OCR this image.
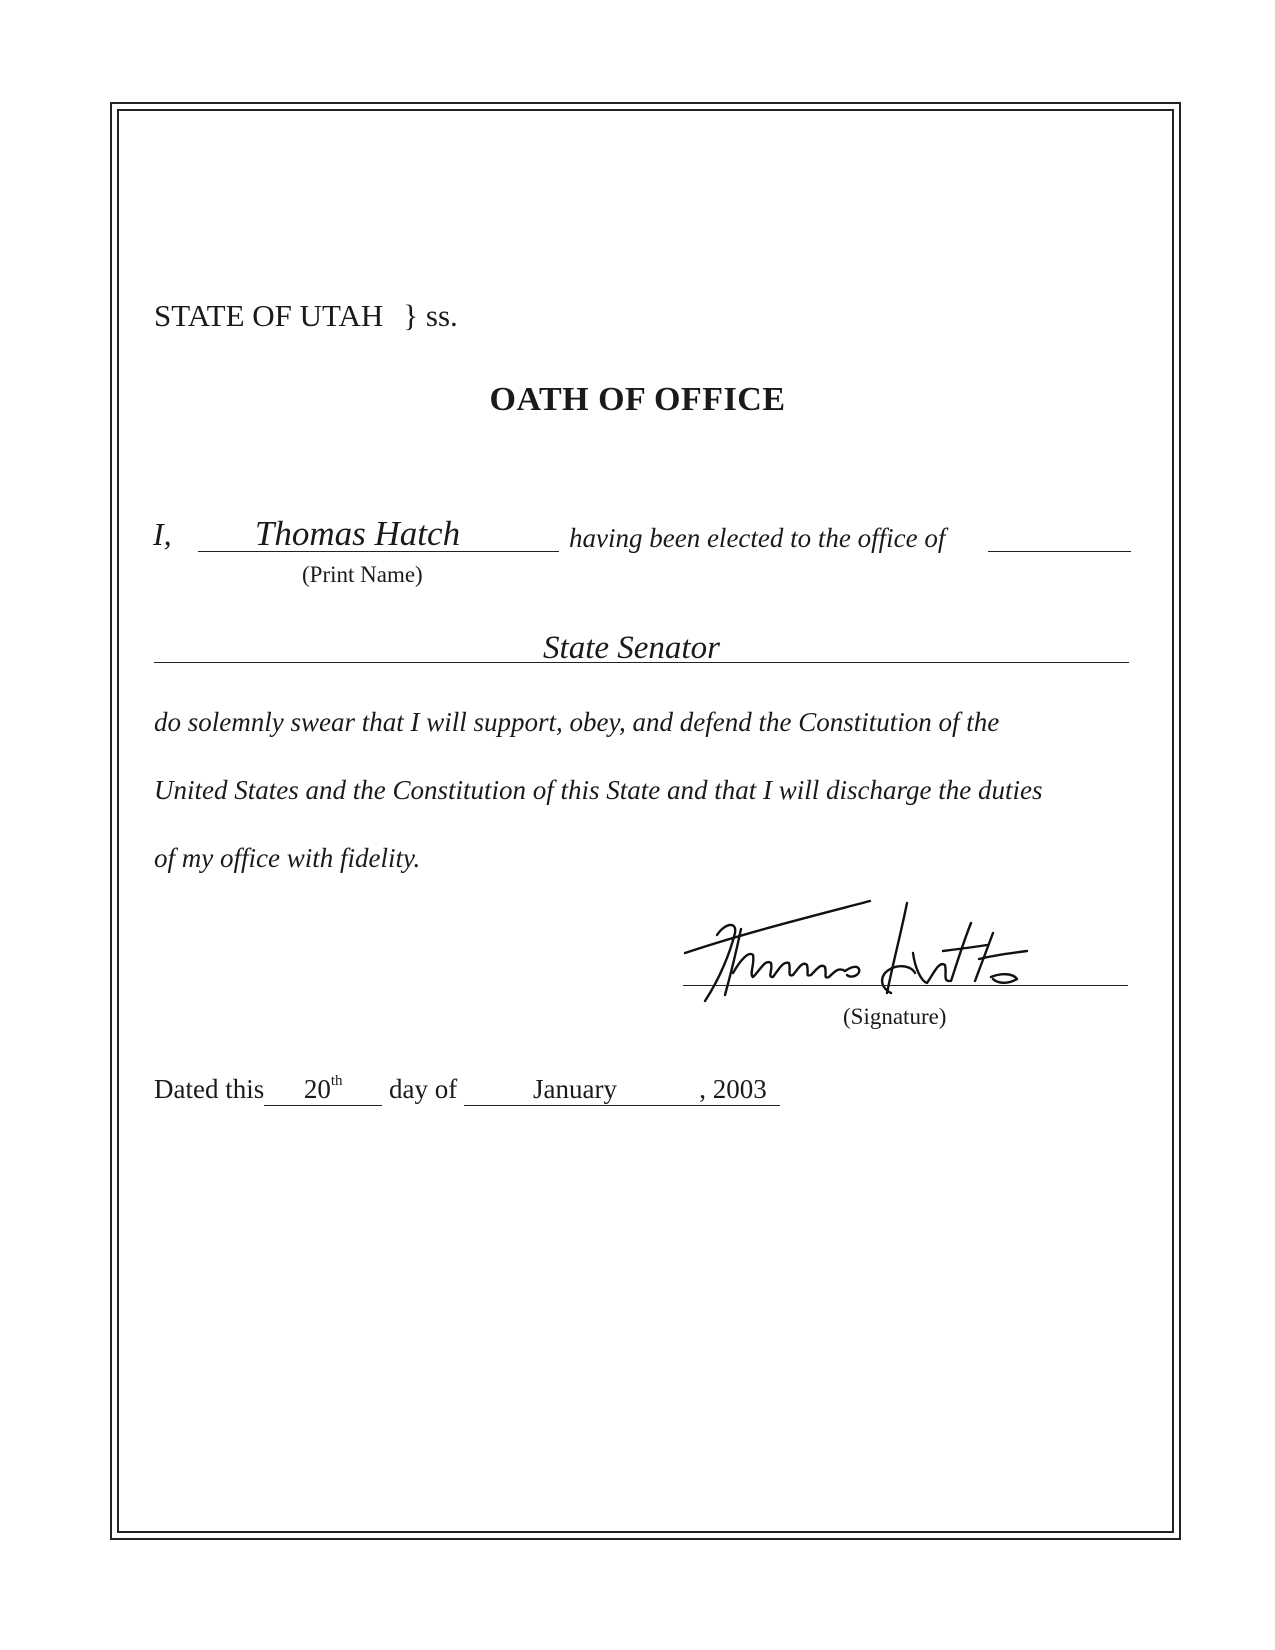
STATE OF UTAH } ss.
OATH OF OFFICE
I,	Thomas Hatch	having been elected to the office of
(Print Name)
State Senator
do solemnly swear that I will support, obey, and defend the Constitution of the
United States and the Constitution of this State and that I will discharge the duties
of my office with fidelity.
(Signature)
Dated this 20th day of	January	, 2003
